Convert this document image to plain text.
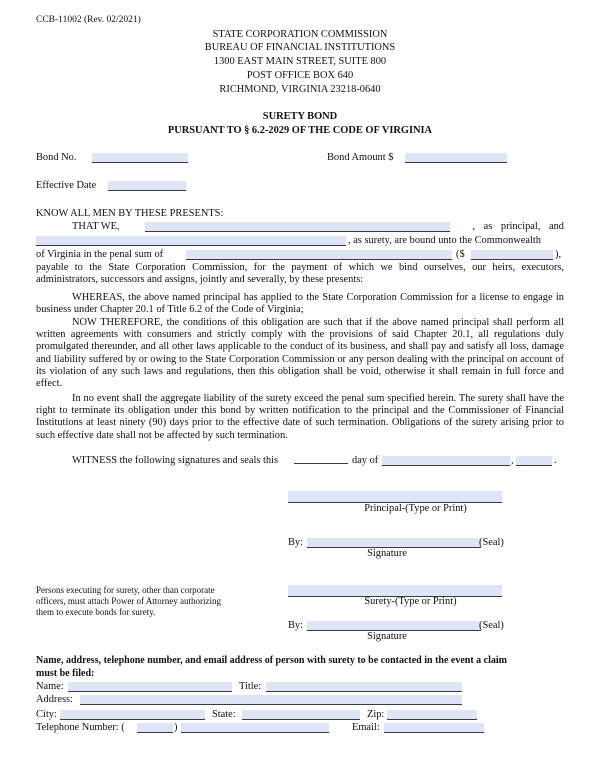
CCB-11002 (Rev. 02/2021)
STATE CORPORATION COMMISSION
BUREAU OF FINANCIAL INSTITUTIONS
1300 EAST MAIN STREET, SUITE 800
POST OFFICE BOX 640
RICHMOND, VIRGINIA 23218-0640
SURETY BOND
PURSUANT TO § 6.2-2029 OF THE CODE OF VIRGINIA
Bond No.	Bond Amount $
Effective Date
KNOW ALL MEN BY THESE PRESENTS:
THAT WE,	, as principal, and
, as surety, are bound unto the Commonwealth
of Virginia in the penal sum of	($	),
payable to the State Corporation Commission, for the payment of which we bind ourselves, our heirs, executors, administrators, successors and assigns, jointly and severally, by these presents:
WHEREAS, the above named principal has applied to the State Corporation Commission for a license to engage in business under Chapter 20.1 of Title 6.2 of the Code of Virginia;
NOW THEREFORE, the conditions of this obligation are such that if the above named principal shall perform all written agreements with consumers and strictly comply with the provisions of said Chapter 20.1, all regulations duly promulgated thereunder, and all other laws applicable to the conduct of its business, and shall pay and satisfy all loss, damage and liability suffered by or owing to the State Corporation Commission or any person dealing with the principal on account of its violation of any such laws and regulations, then this obligation shall be void, otherwise it shall remain in full force and effect.
In no event shall the aggregate liability of the surety exceed the penal sum specified herein. The surety shall have the right to terminate its obligation under this bond by written notification to the principal and the Commissioner of Financial Institutions at least ninety (90) days prior to the effective date of such termination. Obligations of the surety arising prior to such effective date shall not be affected by such termination.
WITNESS the following signatures and seals this	day of	,	.
Principal-(Type or Print)
By:	(Seal)
Signature
Persons executing for surety, other than corporate
officers, must attach Power of Attorney authorizing
them to execute bonds for surety.
Surety-(Type or Print)
By:	(Seal)
Signature
Name, address, telephone number, and email address of person with surety to be contacted in the event a claim
must be filed:
Name:	Title:
Address:
City:	State:	Zip:
Telephone Number: (	)	Email:
